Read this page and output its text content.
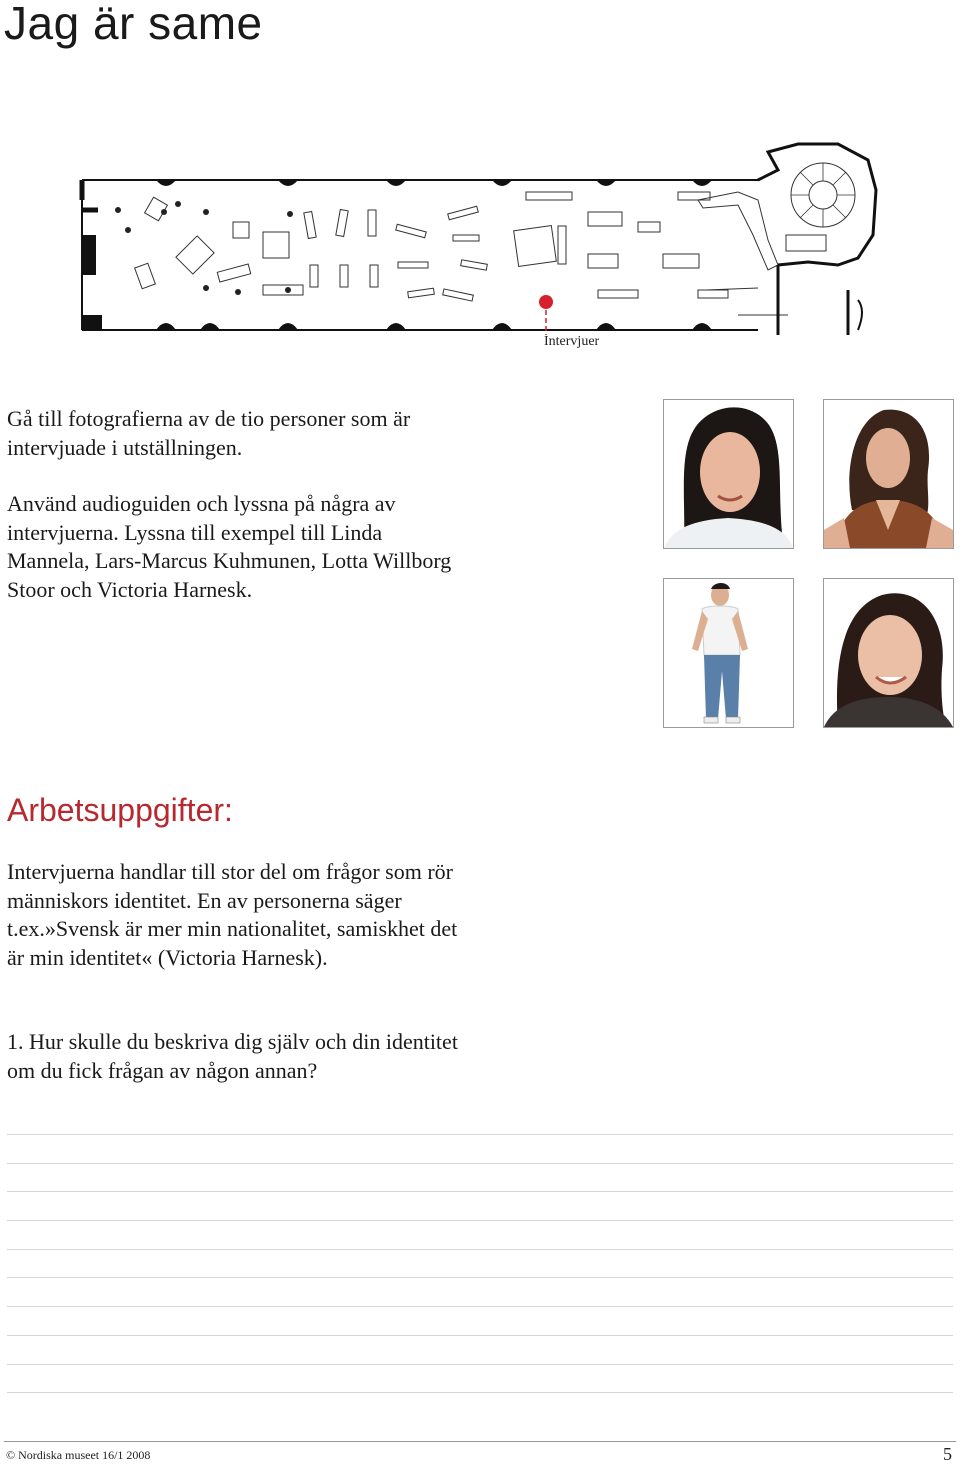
Jag är same
Intervjuer

Gå till fotografierna av de tio personer som är intervjuade i utställningen.

Använd audioguiden och lyssna på några av intervjuerna. Lyssna till exempel till Linda Mannela, Lars-Marcus Kuhmunen, Lotta Willborg Stoor och Victoria Harnesk.

Arbetsuppgifter:

Intervjuerna handlar till stor del om frågor som rör människors identitet. En av personerna säger t.ex.»Svensk är mer min nationalitet, samiskhet det är min identitet« (Victoria Harnesk).

1. Hur skulle du beskriva dig själv och din identitet om du fick frågan av någon annan?

© Nordiska museet 16/1 2008	5
